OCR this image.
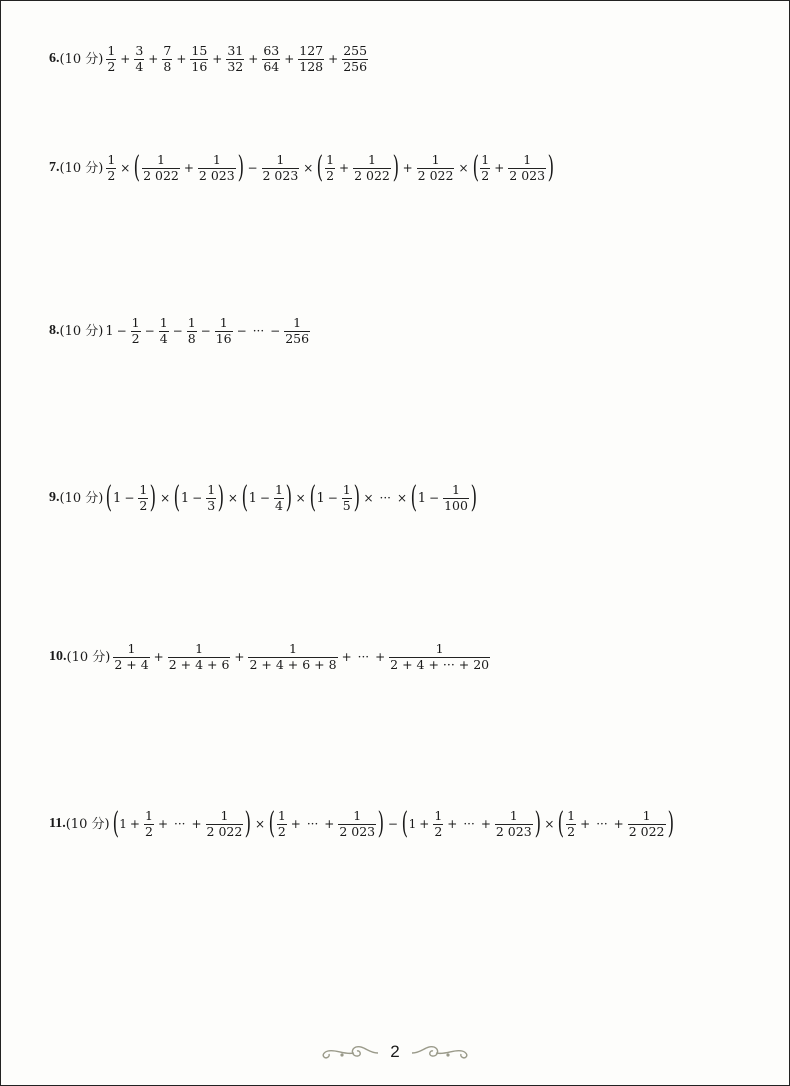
6. (10 分) $\frac{1}{2} + \frac{3}{4} + \frac{7}{8} + \frac{15}{16} + \frac{31}{32} + \frac{63}{64} + \frac{127}{128} + \frac{255}{256}$
7. (10 分) $\frac{1}{2}$ × ( $\frac{1}{2 022} + \frac{1}{2 023}$ ) − $\frac{1}{2 023}$ × ( $\frac{1}{2} + \frac{1}{2 022}$ ) + $\frac{1}{2 022}$ × ( $\frac{1}{2} + \frac{1}{2 023}$ )
8. (10 分) $1 - \frac{1}{2} - \frac{1}{4} - \frac{1}{8} - \frac{1}{16}$ − ··· − $\frac{1}{256}$
9. (10 分) ( $1 - \frac{1}{2}$ ) × ( $1 - \frac{1}{3}$ ) × ( $1 - \frac{1}{4}$ ) × ( $1 - \frac{1}{5}$ ) × ··· × ( $1 - \frac{1}{100}$ )
10. (10 分) $\frac{1}{2 + 4} + \frac{1}{2 + 4 + 6} + \frac{1}{2 + 4 + 6 + 8}$ + ··· + $\frac{1}{2 + 4 + \cdot\cdot\cdot + 20}$
11. (10 分) ( $1 + \frac{1}{2}$ + ··· + $\frac{1}{2 022}$ ) × ( $\frac{1}{2}$ + ··· + $\frac{1}{2 023}$ ) − ( $1 + \frac{1}{2}$ + ··· + $\frac{1}{2 023}$ ) × ( $\frac{1}{2}$ + ··· + $\frac{1}{2 022}$ )
2
